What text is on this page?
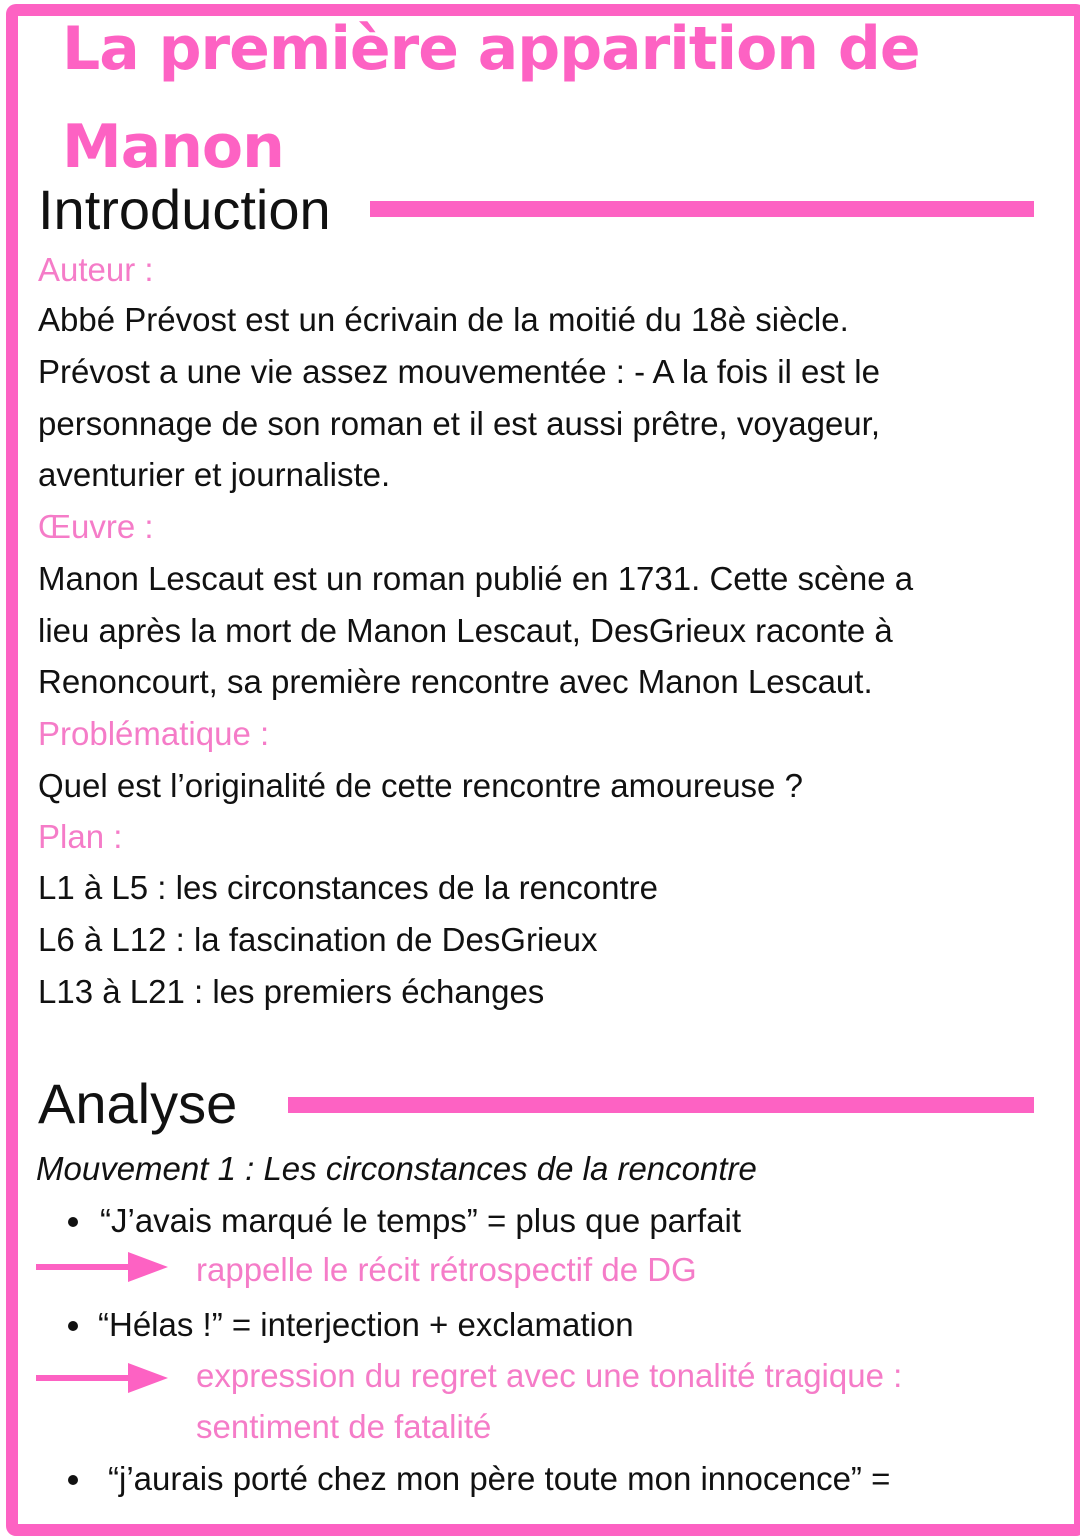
La première apparition de
Manon
Introduction
Auteur :
Abbé Prévost est un écrivain de la moitié du 18è siècle.
Prévost a une vie assez mouvementée : - A la fois il est le
personnage de son roman et il est aussi prêtre, voyageur,
aventurier et journaliste.
Œuvre :
Manon Lescaut est un roman publié en 1731. Cette scène a
lieu après la mort de Manon Lescaut, DesGrieux raconte à
Renoncourt, sa première rencontre avec Manon Lescaut.
Problématique :
Quel est l’originalité de cette rencontre amoureuse ?
Plan :
L1 à L5 : les circonstances de la rencontre
L6 à L12 : la fascination de DesGrieux
L13 à L21 : les premiers échanges
Analyse
Mouvement 1 : Les circonstances de la rencontre
“J’avais marqué le temps” = plus que parfait
rappelle le récit rétrospectif de DG
“Hélas !” = interjection + exclamation
expression du regret avec une tonalité tragique :
sentiment de fatalité
“j’aurais porté chez mon père toute mon innocence” =
